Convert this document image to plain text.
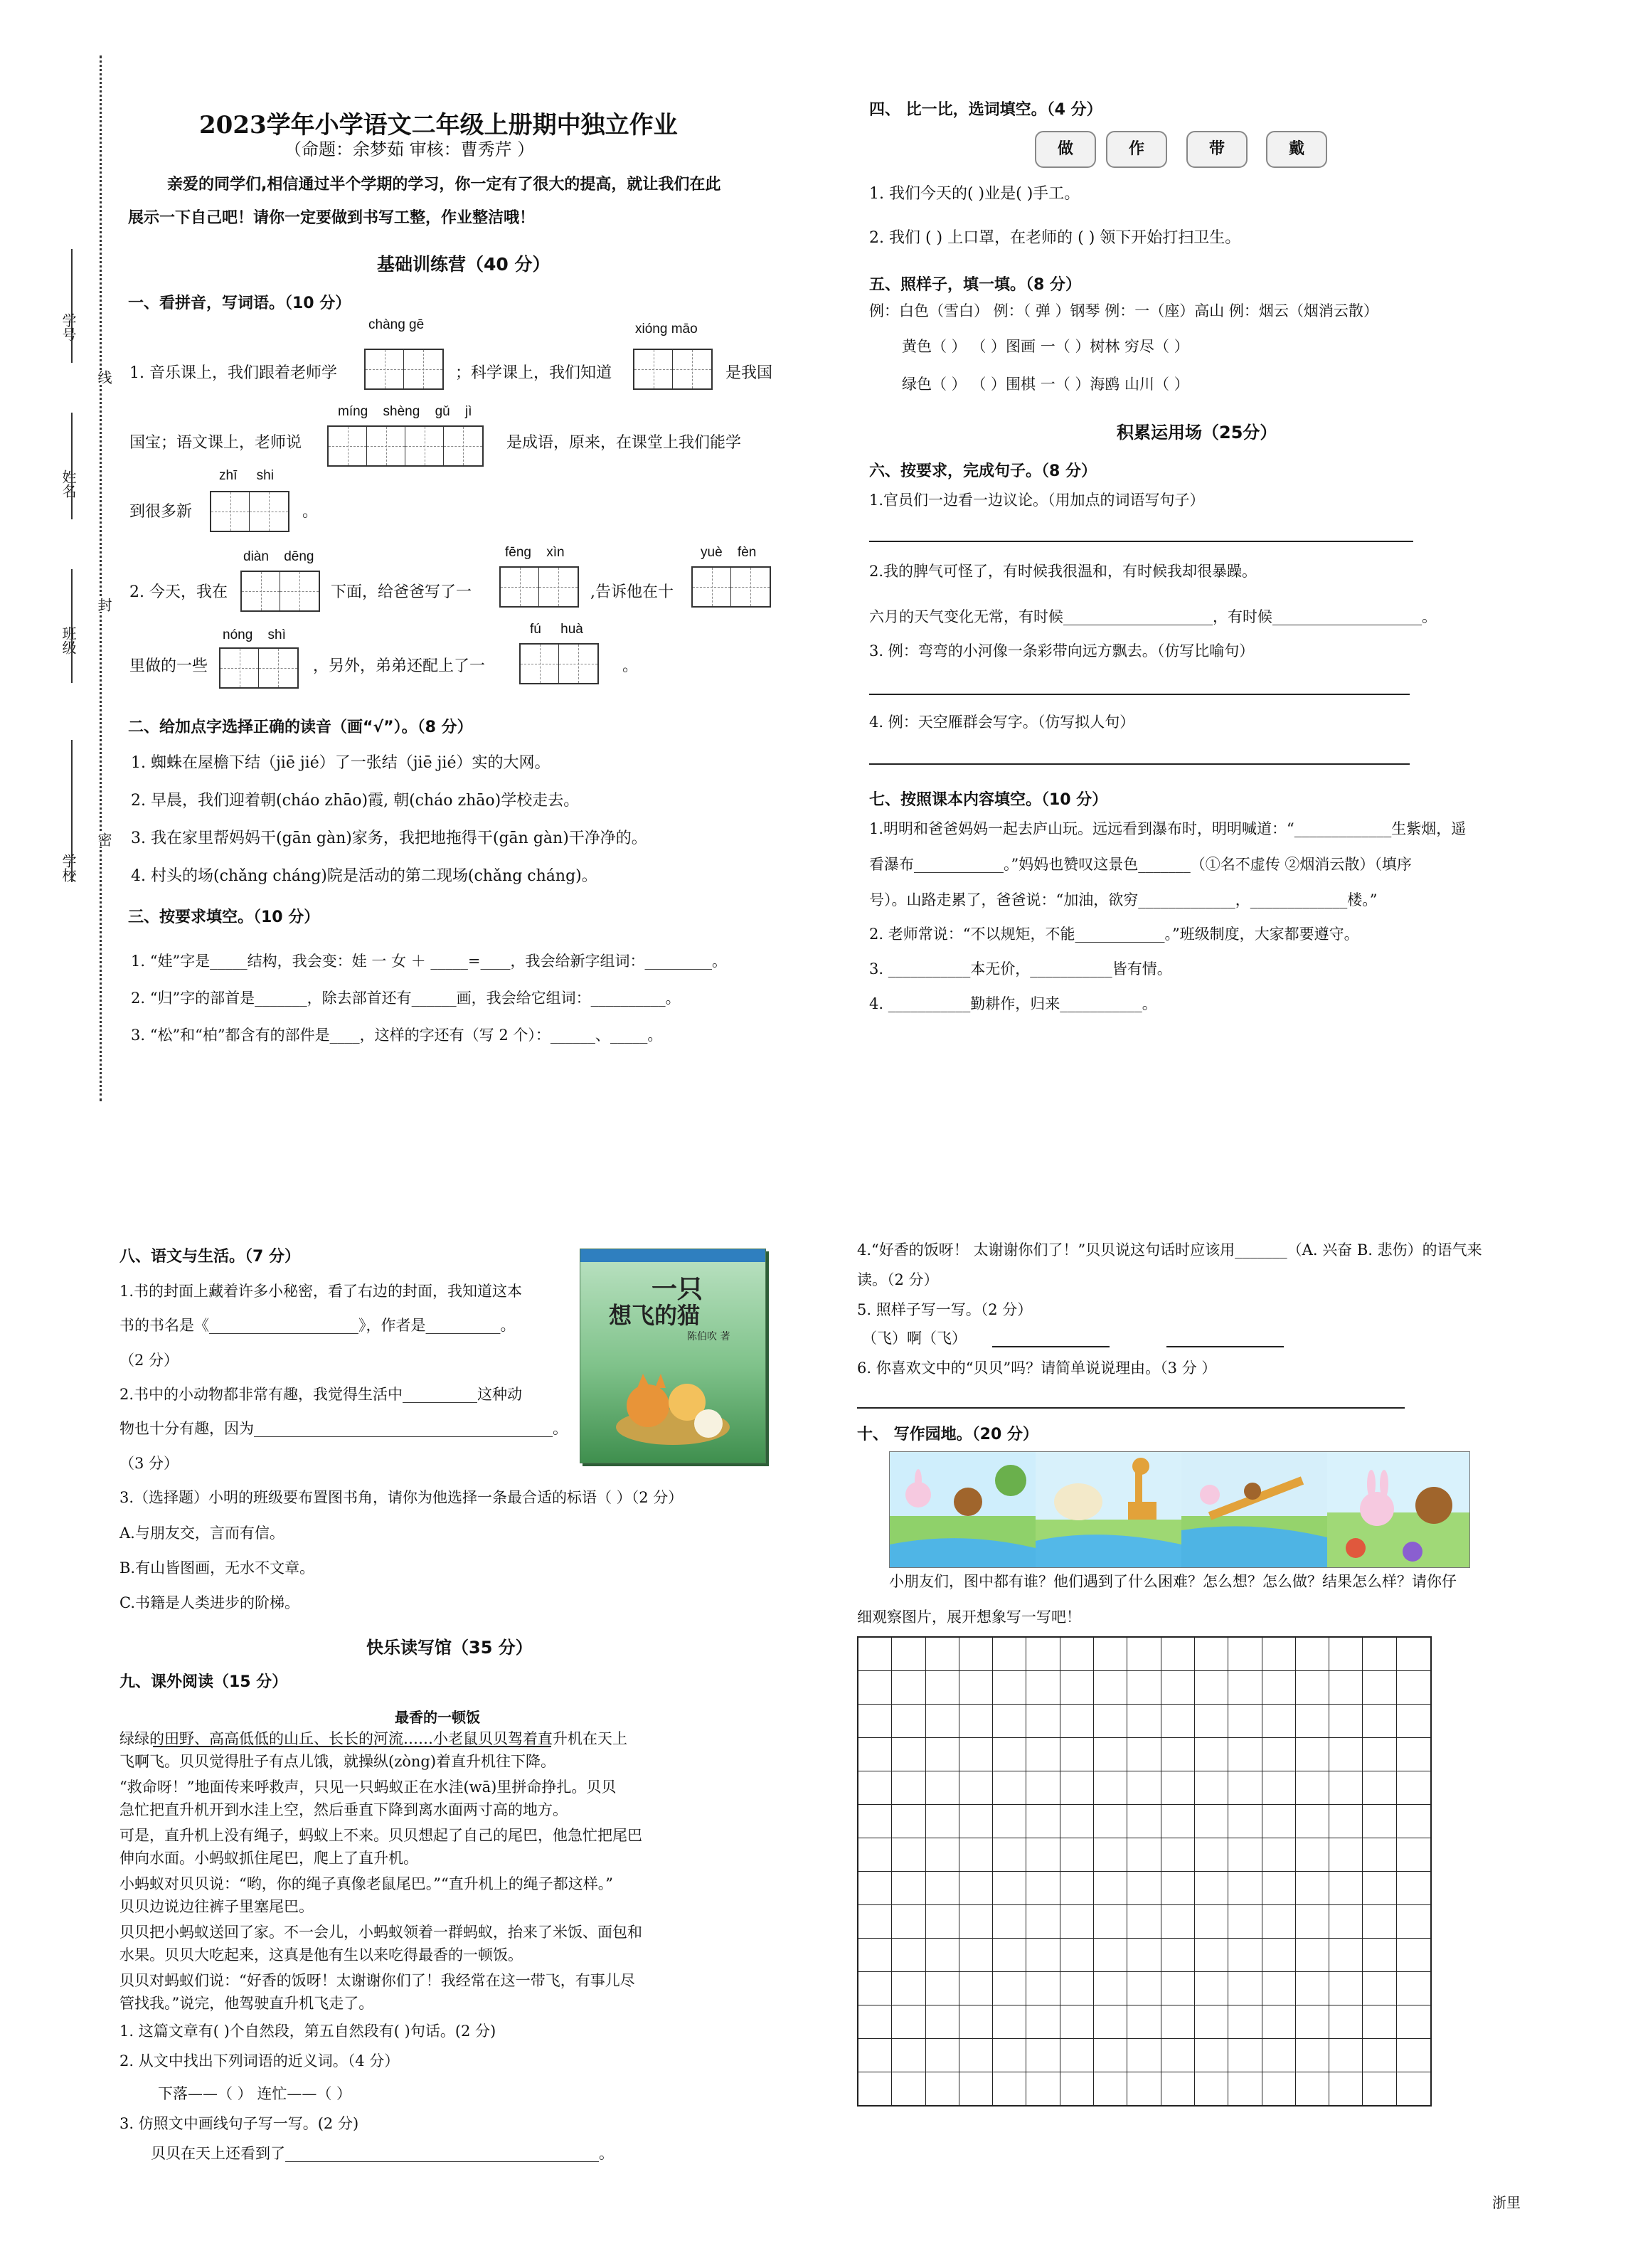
学号
姓名
班级
学校
线
封
密
2023学年小学语文二年级上册期中独立作业
（命题：余梦茹 审核：曹秀芹 ）
亲爱的同学们,相信通过半个学期的学习，你一定有了很大的提高，就让我们在此
展示一下自己吧！请你一定要做到书写工整，作业整洁哦！
基础训练营（40 分）
一、看拼音，写词语。（10 分）
chàng gē	xióng māo
1. 音乐课上，我们跟着老师学	；科学课上，我们知道	是我国
míng shèng gǔ jì
国宝；语文课上，老师说	是成语，原来，在课堂上我们能学
zhī shi
到很多新	。
diàn dēng	fēng xìn	yuè fèn
2. 今天，我在	下面，给爸爸写了一	,告诉他在十
nóng shì	fú huà
里做的一些	，另外，弟弟还配上了一	。
二、给加点字选择正确的读音（画“√”）。（8 分）
1. 蜘蛛在屋檐下结（jiē jié）了一张结（jiē jié）实的大网。
2. 早晨，我们迎着朝(cháo zhāo)霞, 朝(cháo zhāo)学校走去。
3. 我在家里帮妈妈干(gān gàn)家务，我把地拖得干(gān gàn)干净净的。
4. 村头的场(chǎng cháng)院是活动的第二现场(chǎng cháng)。
三、按要求填空。（10 分）
1. “娃”字是_____结构，我会变：娃 一 女 ＋ _____=____，我会给新字组词：_________。
2. “归”字的部首是_______，除去部首还有______画，我会给它组词：__________。
3. “松”和“柏”都含有的部件是____，这样的字还有（写 2 个）：______、_____。
四、 比一比，选词填空。（4 分）
做	作	带	戴
1. 我们今天的( )业是( )手工。
2. 我们 ( ) 上口罩，在老师的 ( ) 领下开始打扫卫生。
五、照样子，填一填。（8 分）
例：白色（雪白） 例：（ 弹 ）钢琴 例：一（座）高山 例：烟云（烟消云散）
黄色（ ） （ ）图画 一（ ）树林 穷尽（ ）
绿色（ ） （ ）围棋 一（ ）海鸥 山川（ ）
积累运用场（25分）
六、按要求，完成句子。（8 分）
1.官员们一边看一边议论。（用加点的词语写句子）
2.我的脾气可怪了，有时候我很温和，有时候我却很暴躁。
六月的天气变化无常，有时候____________________，有时候____________________。
3. 例：弯弯的小河像一条彩带向远方飘去。（仿写比喻句）
4. 例：天空雁群会写字。（仿写拟人句）
七、按照课本内容填空。（10 分）
1.明明和爸爸妈妈一起去庐山玩。远远看到瀑布时，明明喊道：“_____________生紫烟，遥
看瀑布____________。”妈妈也赞叹这景色_______（①名不虚传 ②烟消云散）（填序
号）。山路走累了，爸爸说：“加油，欲穷_____________，_____________楼。”
2. 老师常说：“不以规矩，不能____________。”班级制度，大家都要遵守。
3. ___________本无价，___________皆有情。
4. ___________勤耕作，归来___________。
八、语文与生活。（7 分）
1.书的封面上藏着许多小秘密，看了右边的封面，我知道这本
书的书名是《____________________》，作者是__________。
（2 分）
2.书中的小动物都非常有趣，我觉得生活中__________这种动
物也十分有趣，因为________________________________________。
（3 分）
一只
想飞的猫
陈伯吹 著
3.（选择题）小明的班级要布置图书角，请你为他选择一条最合适的标语（ ）（2 分）
A.与朋友交，言而有信。
B.有山皆图画，无水不文章。
C.书籍是人类进步的阶梯。
快乐读写馆（35 分）
九、课外阅读（15 分）
最香的一顿饭
绿绿的田野、高高低低的山丘、长长的河流……小老鼠贝贝驾着直升机在天上
飞啊飞。贝贝觉得肚子有点儿饿，就操纵(zòng)着直升机往下降。
“救命呀！”地面传来呼救声，只见一只蚂蚁正在水洼(wā)里拼命挣扎。贝贝
急忙把直升机开到水洼上空，然后垂直下降到离水面两寸高的地方。
可是，直升机上没有绳子，蚂蚁上不来。贝贝想起了自己的尾巴，他急忙把尾巴
伸向水面。小蚂蚁抓住尾巴，爬上了直升机。
小蚂蚁对贝贝说：“哟，你的绳子真像老鼠尾巴。”“直升机上的绳子都这样。”
贝贝边说边往裤子里塞尾巴。
贝贝把小蚂蚁送回了家。不一会儿，小蚂蚁领着一群蚂蚁，抬来了米饭、面包和
水果。贝贝大吃起来，这真是他有生以来吃得最香的一顿饭。
贝贝对蚂蚁们说：“好香的饭呀！太谢谢你们了！我经常在这一带飞，有事儿尽
管找我。”说完，他驾驶直升机飞走了。
1. 这篇文章有( )个自然段，第五自然段有( )句话。(2 分)
2. 从文中找出下列词语的近义词。（4 分）
下落——（ ） 连忙——（ ）
3. 仿照文中画线句子写一写。(2 分)
贝贝在天上还看到了__________________________________________。
4.“好香的饭呀！ 太谢谢你们了！”贝贝说这句话时应该用_______（A. 兴奋 B. 悲伤）的语气来
读。（2 分）
5. 照样子写一写。（2 分）
（飞）啊（飞）
6. 你喜欢文中的“贝贝”吗？请简单说说理由。（3 分 ）
十、 写作园地。（20 分）
小朋友们，图中都有谁？他们遇到了什么困难？怎么想？怎么做？结果怎么样？请你仔
细观察图片，展开想象写一写吧！
浙里
